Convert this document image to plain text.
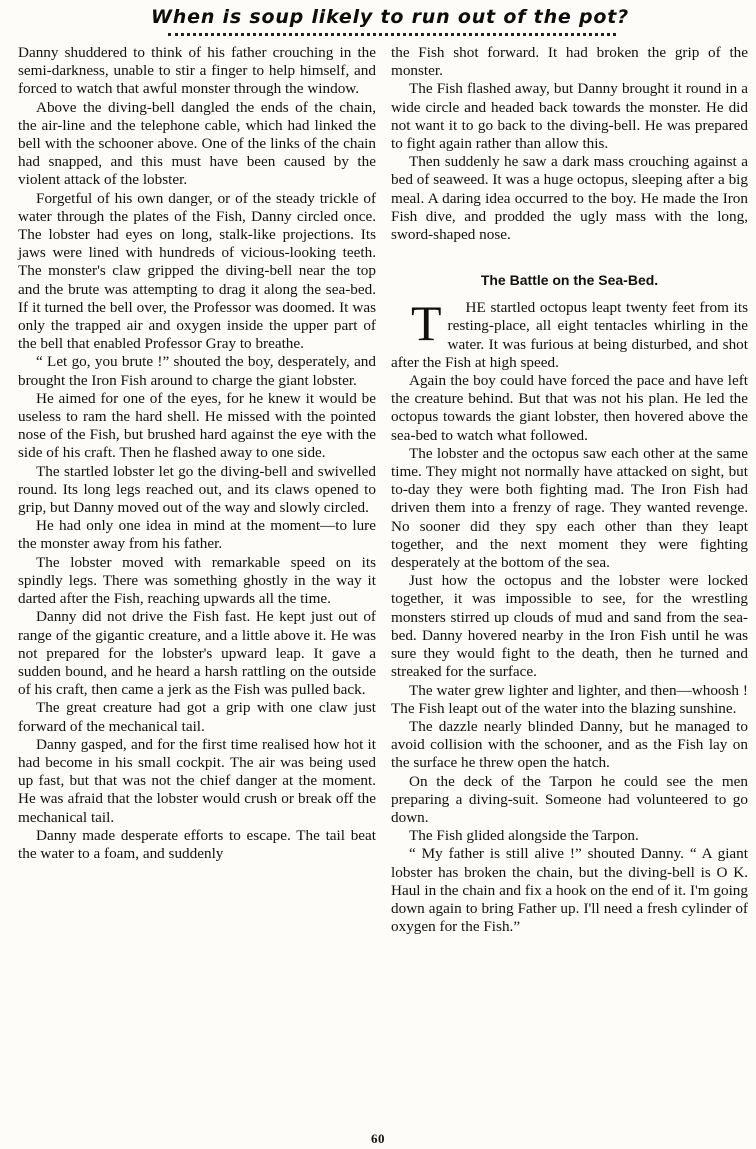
When is soup likely to run out of the pot?

Danny shuddered to think of his father crouching in the semi-darkness, unable to stir a finger to help himself, and forced to watch that awful monster through the window.

Above the diving-bell dangled the ends of the chain, the air-line and the telephone cable, which had linked the bell with the schooner above. One of the links of the chain had snapped, and this must have been caused by the violent attack of the lobster.

Forgetful of his own danger, or of the steady trickle of water through the plates of the Fish, Danny circled once. The lobster had eyes on long, stalk-like projections. Its jaws were lined with hundreds of vicious-looking teeth. The monster's claw gripped the diving-bell near the top and the brute was attempting to drag it along the sea-bed. If it turned the bell over, the Professor was doomed. It was only the trapped air and oxygen inside the upper part of the bell that enabled Professor Gray to breathe.

“ Let go, you brute !” shouted the boy, desperately, and brought the Iron Fish around to charge the giant lobster.

He aimed for one of the eyes, for he knew it would be useless to ram the hard shell. He missed with the pointed nose of the Fish, but brushed hard against the eye with the side of his craft. Then he flashed away to one side.

The startled lobster let go the diving-bell and swivelled round. Its long legs reached out, and its claws opened to grip, but Danny moved out of the way and slowly circled.

He had only one idea in mind at the moment—to lure the monster away from his father.

The lobster moved with remarkable speed on its spindly legs. There was something ghostly in the way it darted after the Fish, reaching upwards all the time.

Danny did not drive the Fish fast. He kept just out of range of the gigantic creature, and a little above it. He was not prepared for the lobster's upward leap. It gave a sudden bound, and he heard a harsh rattling on the outside of his craft, then came a jerk as the Fish was pulled back.

The great creature had got a grip with one claw just forward of the mechanical tail.

Danny gasped, and for the first time realised how hot it had become in his small cockpit. The air was being used up fast, but that was not the chief danger at the moment. He was afraid that the lobster would crush or break off the mechanical tail.

Danny made desperate efforts to escape. The tail beat the water to a foam, and suddenly

the Fish shot forward. It had broken the grip of the monster.

The Fish flashed away, but Danny brought it round in a wide circle and headed back towards the monster. He did not want it to go back to the diving-bell. He was prepared to fight again rather than allow this.

Then suddenly he saw a dark mass crouching against a bed of seaweed. It was a huge octopus, sleeping after a big meal. A daring idea occurred to the boy. He made the Iron Fish dive, and prodded the ugly mass with the long, sword-shaped nose.

The Battle on the Sea-Bed.

T	HE startled octopus leapt twenty feet from its resting-place, all eight tentacles whirling in the water. It was furious at being disturbed, and shot after the Fish at high speed.

Again the boy could have forced the pace and have left the creature behind. But that was not his plan. He led the octopus towards the giant lobster, then hovered above the sea-bed to watch what followed.

The lobster and the octopus saw each other at the same time. They might not normally have attacked on sight, but to-day they were both fighting mad. The Iron Fish had driven them into a frenzy of rage. They wanted revenge. No sooner did they spy each other than they leapt together, and the next moment they were fighting desperately at the bottom of the sea.

Just how the octopus and the lobster were locked together, it was impossible to see, for the wrestling monsters stirred up clouds of mud and sand from the sea-bed. Danny hovered nearby in the Iron Fish until he was sure they would fight to the death, then he turned and streaked for the surface.

The water grew lighter and lighter, and then—whoosh ! The Fish leapt out of the water into the blazing sunshine.

The dazzle nearly blinded Danny, but he managed to avoid collision with the schooner, and as the Fish lay on the surface he threw open the hatch.

On the deck of the Tarpon he could see the men preparing a diving-suit. Someone had volunteered to go down.

The Fish glided alongside the Tarpon.

“ My father is still alive !” shouted Danny. “ A giant lobster has broken the chain, but the diving-bell is O K. Haul in the chain and fix a hook on the end of it. I'm going down again to bring Father up. I'll need a fresh cylinder of oxygen for the Fish.”

60
